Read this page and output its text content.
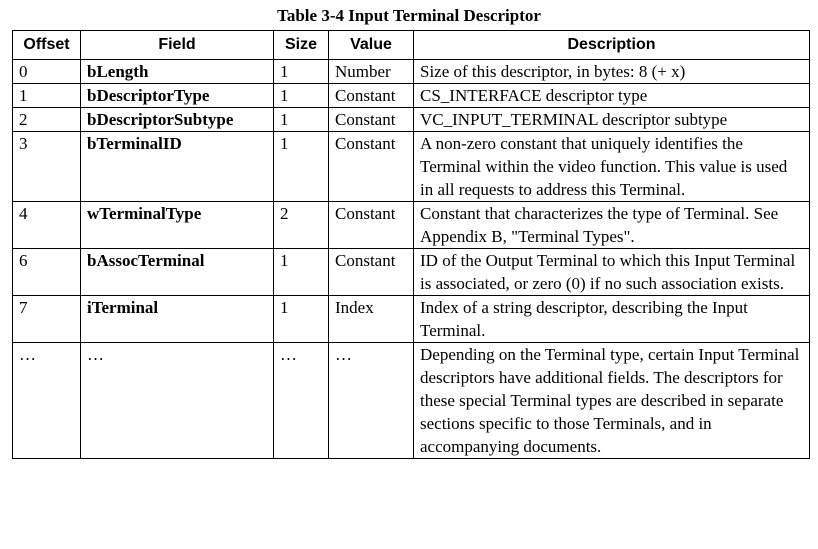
Table 3-4 Input Terminal Descriptor
Offset	Field	Size	Value	Description
0	bLength	1	Number	Size of this descriptor, in bytes: 8 (+ x)
1	bDescriptorType	1	Constant	CS_INTERFACE descriptor type
2	bDescriptorSubtype	1	Constant	VC_INPUT_TERMINAL descriptor subtype
3	bTerminalID	1	Constant	A non-zero constant that uniquely identifies the Terminal within the video function. This value is used in all requests to address this Terminal.
4	wTerminalType	2	Constant	Constant that characterizes the type of Terminal. See Appendix B, "Terminal Types".
6	bAssocTerminal	1	Constant	ID of the Output Terminal to which this Input Terminal is associated, or zero (0) if no such association exists.
7	iTerminal	1	Index	Index of a string descriptor, describing the Input Terminal.
…	…	…	…	Depending on the Terminal type, certain Input Terminal descriptors have additional fields. The descriptors for these special Terminal types are described in separate sections specific to those Terminals, and in accompanying documents.
